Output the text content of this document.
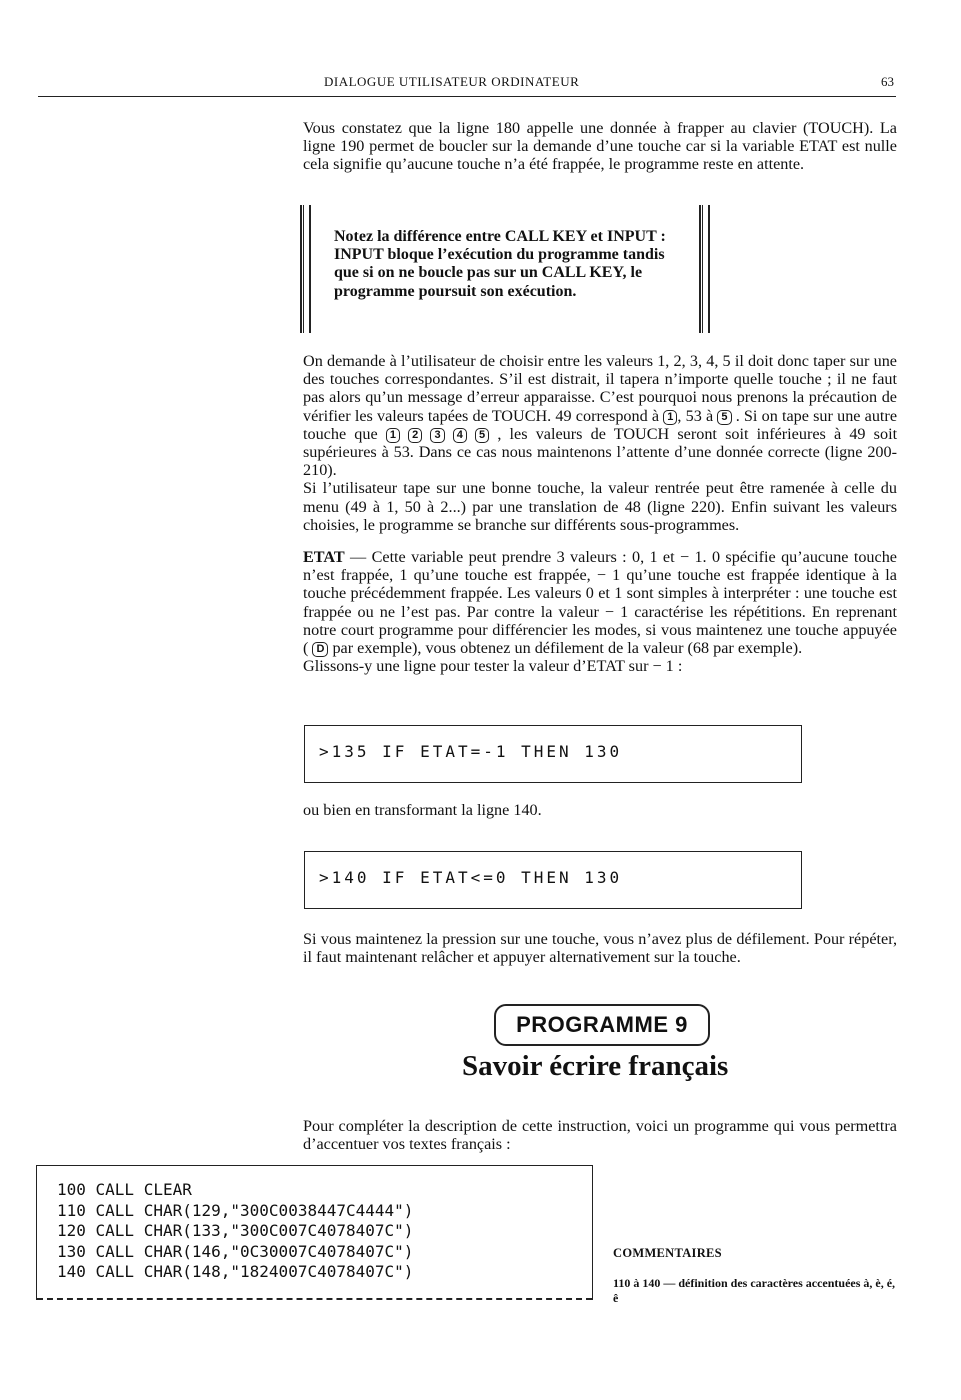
DIALOGUE UTILISATEUR ORDINATEUR	63

Vous constatez que la ligne 180 appelle une donnée à frapper au clavier (TOUCH). La ligne 190 permet de boucler sur la demande d’une touche car si la variable ETAT est nulle cela signifie qu’aucune touche n’a été frappée, le programme reste en attente.

Notez la différence entre CALL KEY et INPUT : INPUT bloque l’exécution du programme tandis que si on ne boucle pas sur un CALL KEY, le programme poursuit son exécution.

On demande à l’utilisateur de choisir entre les valeurs 1, 2, 3, 4, 5 il doit donc taper sur une des touches correspondantes. S’il est distrait, il tapera n’importe quelle touche ; il ne faut pas alors qu’un message d’erreur apparaisse. C’est pourquoi nous prenons la précaution de vérifier les valeurs tapées de TOUCH. 49 correspond à 1 , 53 à 5 . Si on tape sur une autre touche que 1 2 3 4 5 , les valeurs de TOUCH seront soit inférieures à 49 soit supérieures à 53. Dans ce cas nous maintenons l’attente d’une donnée correcte (ligne 200-210).
Si l’utilisateur tape sur une bonne touche, la valeur rentrée peut être ramenée à celle du menu (49 à 1, 50 à 2...) par une translation de 48 (ligne 220). Enfin suivant les valeurs choisies, le programme se branche sur différents sous-programmes.

ETAT — Cette variable peut prendre 3 valeurs : 0, 1 et − 1. 0 spécifie qu’aucune touche n’est frappée, 1 qu’une touche est frappée, − 1 qu’une touche est frappée identique à la touche précédemment frappée. Les valeurs 0 et 1 sont simples à interpréter : une touche est frappée ou ne l’est pas. Par contre la valeur − 1 caractérise les répétitions. En reprenant notre court programme pour différencier les modes, si vous maintenez une touche appuyée ( D par exemple), vous obtenez un défilement de la valeur (68 par exemple).
Glissons-y une ligne pour tester la valeur d’ETAT sur − 1 :

>135 IF ETAT=-1 THEN 130

ou bien en transformant la ligne 140.

>140 IF ETAT<=0 THEN 130

Si vous maintenez la pression sur une touche, vous n’avez plus de défilement. Pour répéter, il faut maintenant relâcher et appuyer alternativement sur la touche.

PROGRAMME 9
Savoir écrire français

Pour compléter la description de cette instruction, voici un programme qui vous permettra d’accentuer vos textes français :

100 CALL CLEAR
110 CALL CHAR(129,"300C0038447C4444")
120 CALL CHAR(133,"300C007C4078407C")
130 CALL CHAR(146,"0C30007C4078407C")
140 CALL CHAR(148,"1824007C4078407C")
COMMENTAIRES

110 à 140 — définition des caractères accentuées à, è, é, ê
